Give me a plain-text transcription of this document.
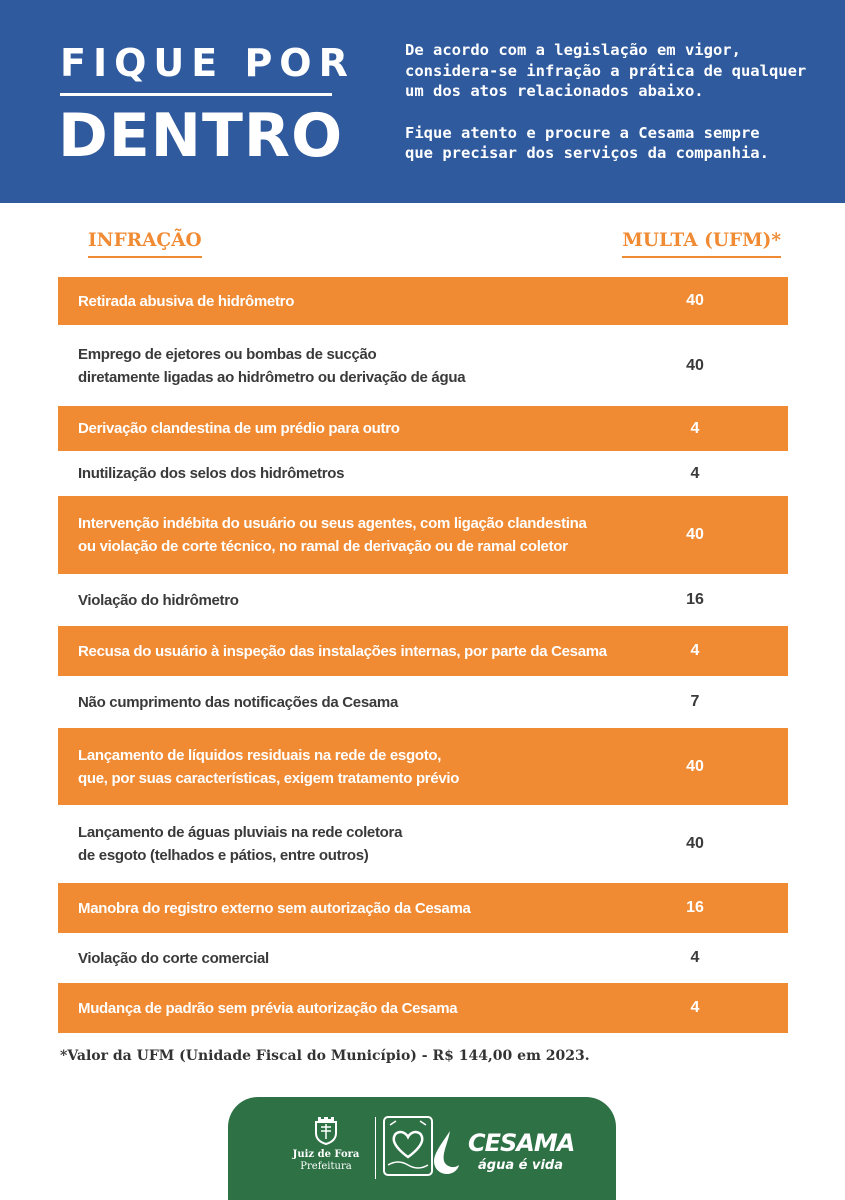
FIQUE POR
DENTRO

De acordo com a legislação em vigor,

considera-se infração a prática de qualquer

um dos atos relacionados abaixo.

Fique atento e procure a Cesama sempre

que precisar dos serviços da companhia.

INFRAÇÃO	MULTA (UFM)*
Retirada abusiva de hidrômetro	40
Emprego de ejetores ou bombas de sucção
diretamente ligadas ao hidrômetro ou derivação de água
40
Derivação clandestina de um prédio para outro	4
Inutilização dos selos dos hidrômetros	4
Intervenção indébita do usuário ou seus agentes, com ligação clandestina
ou violação de corte técnico, no ramal de derivação ou de ramal coletor
40
Violação do hidrômetro	16
Recusa do usuário à inspeção das instalações internas, por parte da Cesama	4
Não cumprimento das notificações da Cesama	7
Lançamento de líquidos residuais na rede de esgoto,
que, por suas características, exigem tratamento prévio
40
Lançamento de águas pluviais na rede coletora
de esgoto (telhados e pátios, entre outros)
40
Manobra do registro externo sem autorização da Cesama	16
Violação do corte comercial	4
Mudança de padrão sem prévia autorização da Cesama	4
*Valor da UFM (Unidade Fiscal do Município) - R$ 144,00 em 2023.
Juiz de Fora
Prefeitura
CESAMA
água é vida
